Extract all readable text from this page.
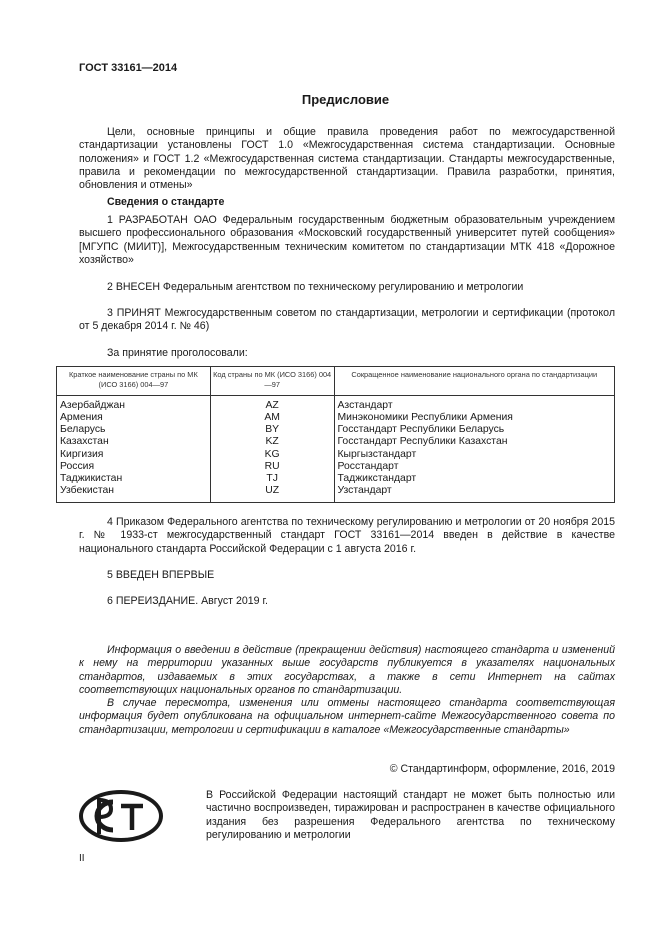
ГОСТ 33161—2014
Предисловие
Цели, основные принципы и общие правила проведения работ по межгосударственной стандартизации установлены ГОСТ 1.0 «Межгосударственная система стандартизации. Основные положения» и ГОСТ 1.2 «Межгосударственная система стандартизации. Стандарты межгосударственные, правила и рекомендации по межгосударственной стандартизации. Правила разработки, принятия, обновления и отмены»
Сведения о стандарте
1 РАЗРАБОТАН ОАО Федеральным государственным бюджетным образовательным учреждением высшего профессионального образования «Московский государственный университет путей сообщения» [МГУПС (МИИТ)], Межгосударственным техническим комитетом по стандартизации МТК 418 «Дорожное хозяйство»
2 ВНЕСЕН Федеральным агентством по техническому регулированию и метрологии
3 ПРИНЯТ Межгосударственным советом по стандартизации, метрологии и сертификации (протокол от 5 декабря 2014 г. № 46)
За принятие проголосовали:
Краткое наименование страны по МК (ИСО 3166) 004—97	Код страны по МК (ИСО 3166) 004—97	Сокращенное наименование национального органа по стандартизации
Азербайджан	AZ	Азстандарт
Армения	AM	Минэкономики Республики Армения
Беларусь	BY	Госстандарт Республики Беларусь
Казахстан	KZ	Госстандарт Республики Казахстан
Киргизия	KG	Кыргызстандарт
Россия	RU	Росстандарт
Таджикистан	TJ	Таджикстандарт
Узбекистан	UZ	Узстандарт
4 Приказом Федерального агентства по техническому регулированию и метрологии от 20 ноября 2015 г. № 1933-ст межгосударственный стандарт ГОСТ 33161—2014 введен в действие в качестве национального стандарта Российской Федерации с 1 августа 2016 г.
5 ВВЕДЕН ВПЕРВЫЕ
6 ПЕРЕИЗДАНИЕ. Август 2019 г.
Информация о введении в действие (прекращении действия) настоящего стандарта и изменений к нему на территории указанных выше государств публикуется в указателях национальных стандартов, издаваемых в этих государствах, а также в сети Интернет на сайтах соответствующих национальных органов по стандартизации.
В случае пересмотра, изменения или отмены настоящего стандарта соответствующая информация будет опубликована на официальном интернет-сайте Межгосударственного совета по стандартизации, метрологии и сертификации в каталоге «Межгосударственные стандарты»
© Стандартинформ, оформление, 2016, 2019
В Российской Федерации настоящий стандарт не может быть полностью или частично воспроизведен, тиражирован и распространен в качестве официального издания без разрешения Федерального агентства по техническому регулированию и метрологии
II
